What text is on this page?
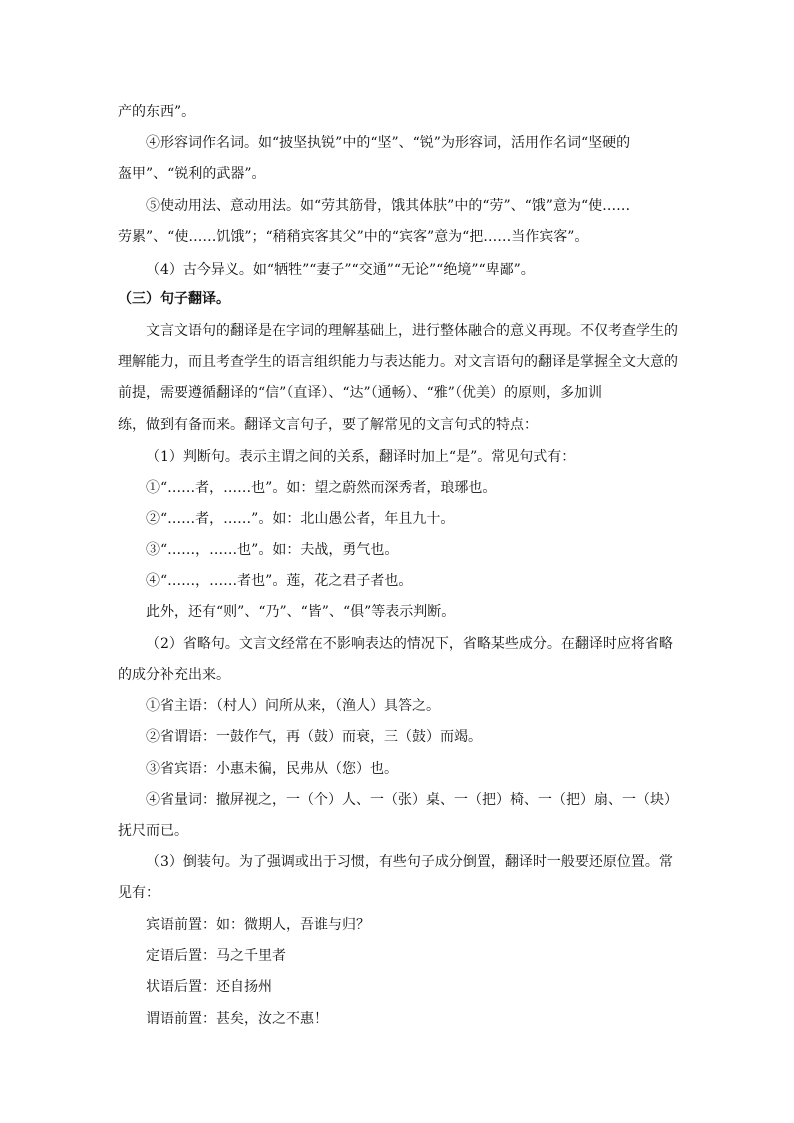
产的东西”。
④形容词作名词。如“披坚执锐”中的“坚”、“锐”为形容词，活用作名词“坚硬的
盔甲”、“锐利的武器”。
⑤使动用法、意动用法。如“劳其筋骨，饿其体肤”中的“劳”、“饿”意为“使……
劳累”、“使……饥饿”；“稍稍宾客其父”中的“宾客”意为“把……当作宾客”。
（4）古今异义。如“牺牲”“妻子”“交通”“无论”“绝境”“卑鄙”。
（三）句子翻译。
文言文语句的翻译是在字词的理解基础上，进行整体融合的意义再现。不仅考查学生的
理解能力，而且考查学生的语言组织能力与表达能力。对文言语句的翻译是掌握全文大意的
前提，需要遵循翻译的“信”（直译）、“达”（通畅）、“雅”（优美）的原则，多加训
练，做到有备而来。翻译文言句子，要了解常见的文言句式的特点：
（1）判断句。表示主谓之间的关系，翻译时加上“是”。常见句式有：
①“……者，……也”。如：望之蔚然而深秀者，琅琊也。
②“……者，……”。如：北山愚公者，年且九十。
③“……，……也”。如：夫战，勇气也。
④“……，……者也”。莲，花之君子者也。
此外，还有“则”、“乃”、“皆”、“俱”等表示判断。
（2）省略句。文言文经常在不影响表达的情况下，省略某些成分。在翻译时应将省略
的成分补充出来。
①省主语：（村人）问所从来，（渔人）具答之。
②省谓语：一鼓作气，再（鼓）而衰，三（鼓）而竭。
③省宾语：小惠未徧，民弗从（您）也。
④省量词：撤屏视之，一（个）人、一（张）桌、一（把）椅、一（把）扇、一（块）
抚尺而已。
（3）倒装句。为了强调或出于习惯，有些句子成分倒置，翻译时一般要还原位置。常
见有：
宾语前置：如：微期人，吾谁与归？
定语后置：马之千里者
状语后置：还自扬州
谓语前置：甚矣，汝之不惠！
